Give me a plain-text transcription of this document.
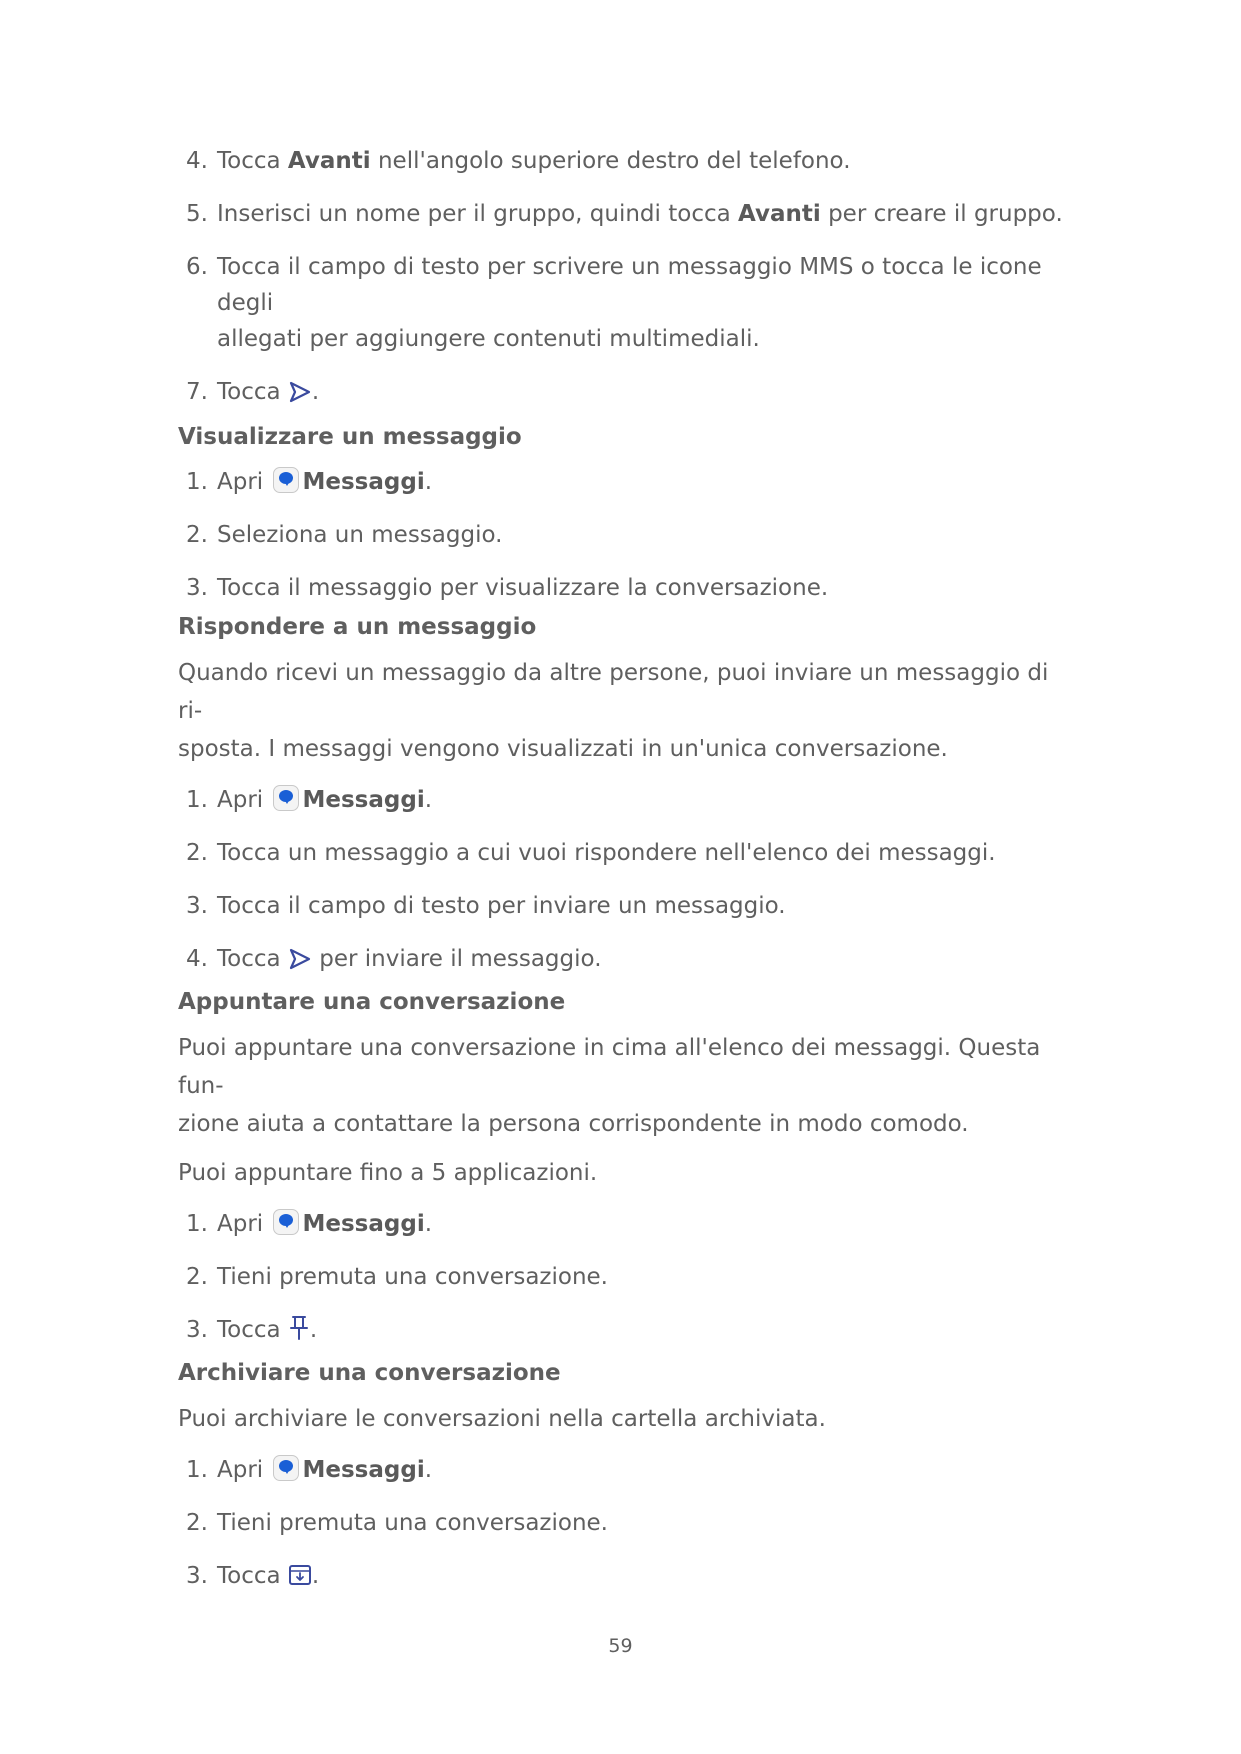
4. Tocca Avanti nell'angolo superiore destro del telefono.
5. Inserisci un nome per il gruppo, quindi tocca Avanti per creare il gruppo.
6. Tocca il campo di testo per scrivere un messaggio MMS o tocca le icone degli
allegati per aggiungere contenuti multimediali.
7. Tocca .
Visualizzare un messaggio
1. Apri
Messaggi.
2. Seleziona un messaggio.
3. Tocca il messaggio per visualizzare la conversazione.
Rispondere a un messaggio
Quando ricevi un messaggio da altre persone, puoi inviare un messaggio di ri-
sposta. I messaggi vengono visualizzati in un'unica conversazione.
1. Apri
Messaggi.
2. Tocca un messaggio a cui vuoi rispondere nell'elenco dei messaggi.
3. Tocca il campo di testo per inviare un messaggio.
4. Tocca  per inviare il messaggio.
Appuntare una conversazione
Puoi appuntare una conversazione in cima all'elenco dei messaggi. Questa fun-
zione aiuta a contattare la persona corrispondente in modo comodo.
Puoi appuntare fino a 5 applicazioni.
1. Apri
Messaggi.
2. Tieni premuta una conversazione.
3. Tocca .
Archiviare una conversazione
Puoi archiviare le conversazioni nella cartella archiviata.
1. Apri
Messaggi.
2. Tieni premuta una conversazione.
3. Tocca .
59
